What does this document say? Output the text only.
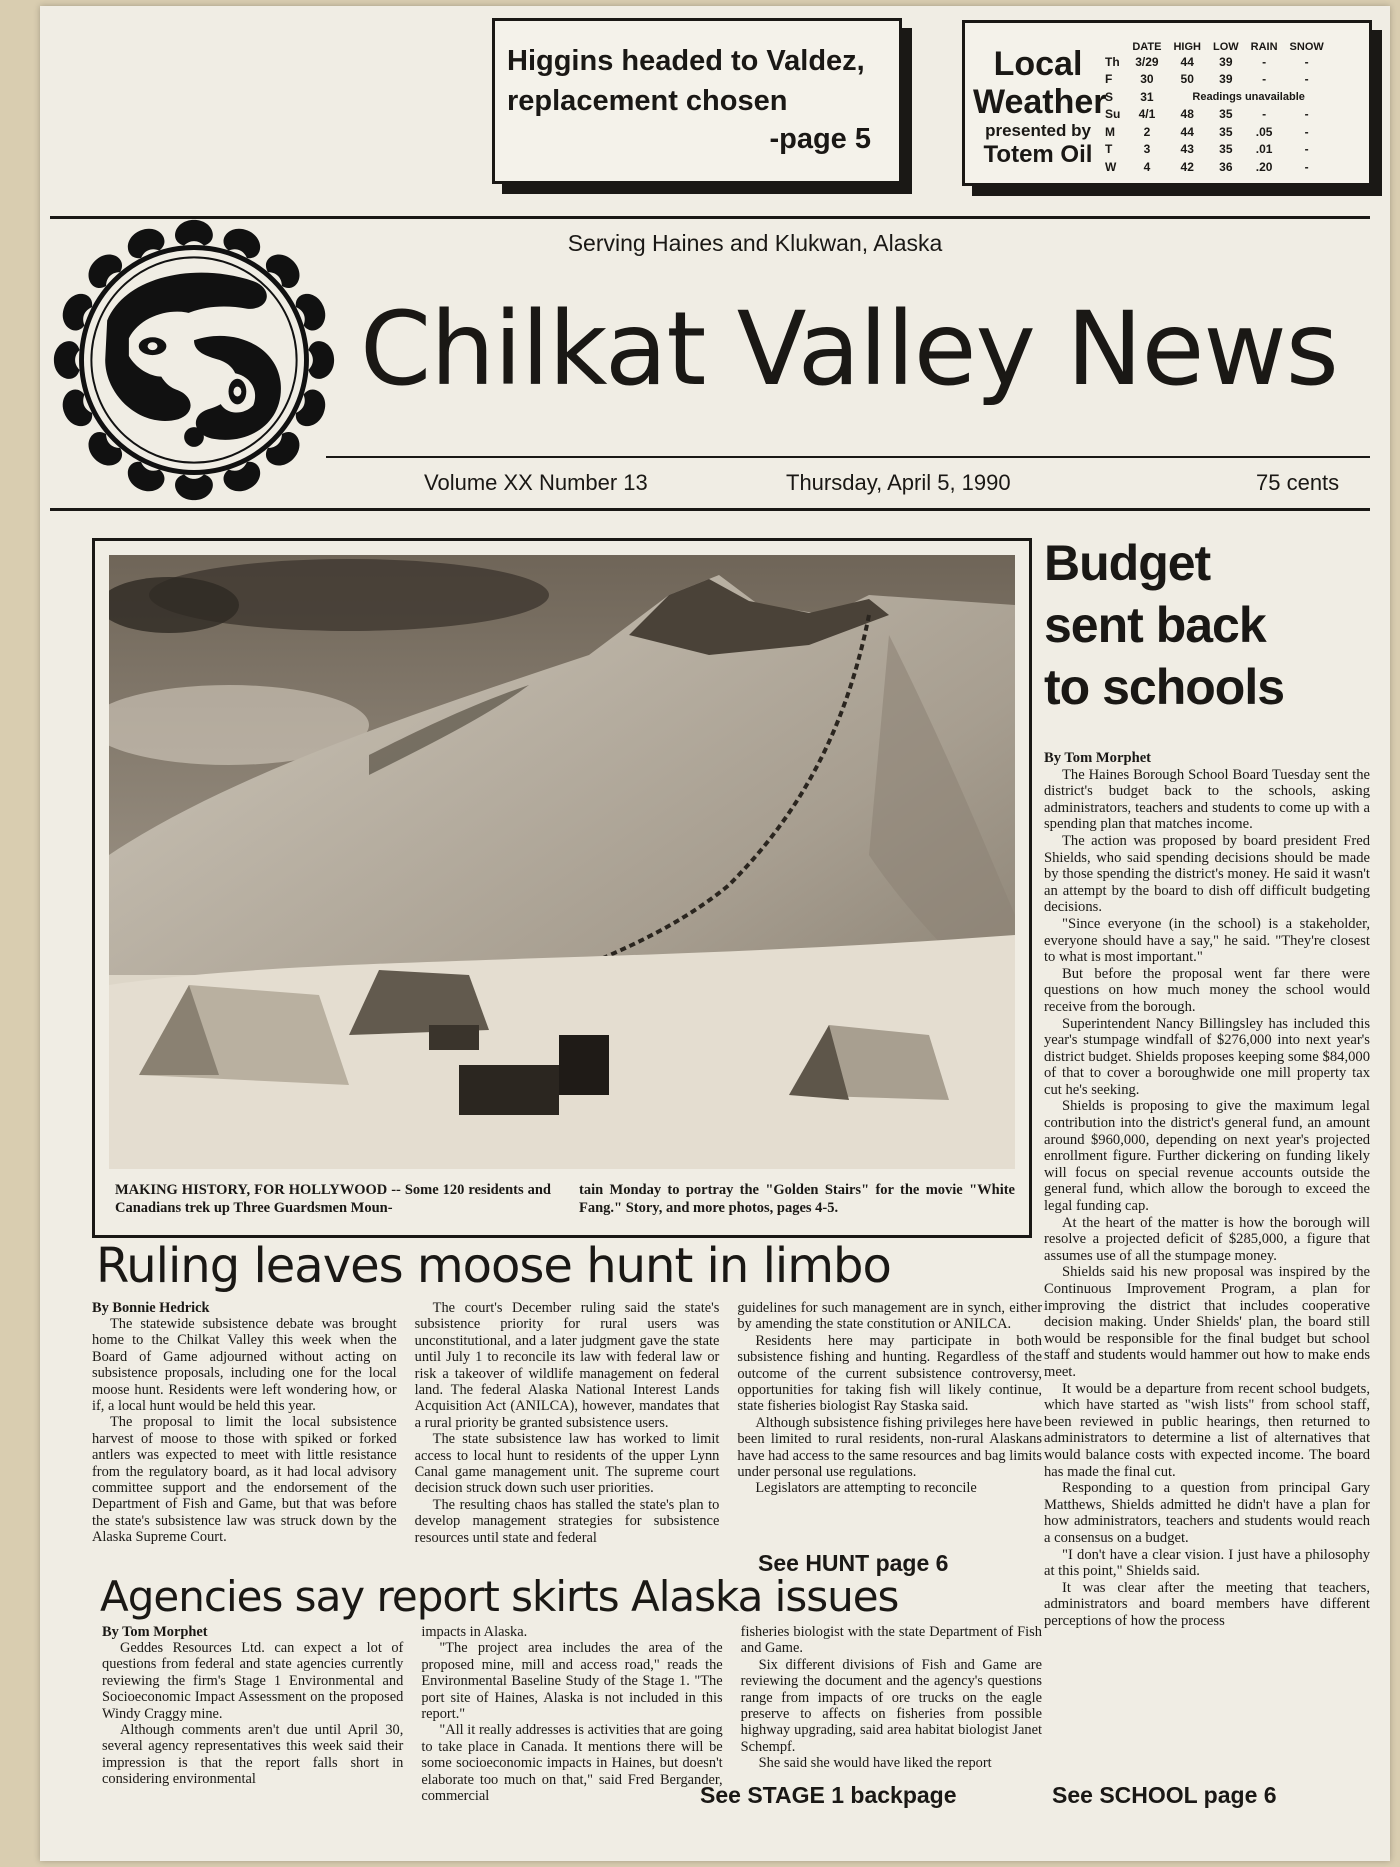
Higgins headed to Valdez,
replacement chosen
-page 5
Local
Weather
presented by
Totem Oil
	DATE	HIGH	LOW	RAIN	SNOW
Th	3/29	44	39	-	-
F	30	50	39	-	-
S	31	Readings unavailable			
Su	4/1	48	35	-	-
M	2	44	35	.05	-
T	3	43	35	.01	-
W	4	42	36	.20	-
Serving Haines and Klukwan, Alaska
Chilkat Valley News
Volume XX Number 13	Thursday, April 5, 1990	75 cents
MAKING HISTORY, FOR HOLLYWOOD -- Some 120 residents and Canadians trek up Three Guardsmen Moun-
tain Monday to portray the "Golden Stairs" for the movie "White Fang." Story, and more photos, pages 4-5.
Budget
sent back
to schools
By Tom Morphet

The Haines Borough School Board Tuesday sent the district's budget back to the schools, asking administrators, teachers and students to come up with a spending plan that matches income.

The action was proposed by board president Fred Shields, who said spending decisions should be made by those spending the district's money. He said it wasn't an attempt by the board to dish off difficult budgeting decisions.

"Since everyone (in the school) is a stakeholder, everyone should have a say," he said. "They're closest to what is most important."

But before the proposal went far there were questions on how much money the school would receive from the borough.

Superintendent Nancy Billingsley has included this year's stumpage windfall of $276,000 into next year's district budget. Shields proposes keeping some $84,000 of that to cover a boroughwide one mill property tax cut he's seeking.

Shields is proposing to give the maximum legal contribution into the district's general fund, an amount around $960,000, depending on next year's projected enrollment figure. Further dickering on funding likely will focus on special revenue accounts outside the general fund, which allow the borough to exceed the legal funding cap.

At the heart of the matter is how the borough will resolve a projected deficit of $285,000, a figure that assumes use of all the stumpage money.

Shields said his new proposal was inspired by the Continuous Improvement Program, a plan for improving the district that includes cooperative decision making. Under Shields' plan, the board still would be responsible for the final budget but school staff and students would hammer out how to make ends meet.

It would be a departure from recent school budgets, which have started as "wish lists" from school staff, been reviewed in public hearings, then returned to administrators to determine a list of alternatives that would balance costs with expected income. The board has made the final cut.

Responding to a question from principal Gary Matthews, Shields admitted he didn't have a plan for how administrators, teachers and students would reach a consensus on a budget.

"I don't have a clear vision. I just have a philosophy at this point," Shields said.

It was clear after the meeting that teachers, administrators and board members have different perceptions of how the process

See SCHOOL page 6
Ruling leaves moose hunt in limbo
By Bonnie Hedrick

The statewide subsistence debate was brought home to the Chilkat Valley this week when the Board of Game adjourned without acting on subsistence proposals, including one for the local moose hunt. Residents were left wondering how, or if, a local hunt would be held this year.

The proposal to limit the local subsistence harvest of moose to those with spiked or forked antlers was expected to meet with little resistance from the regulatory board, as it had local advisory committee support and the endorsement of the Department of Fish and Game, but that was before the state's subsistence law was struck down by the Alaska Supreme Court.

The court's December ruling said the state's subsistence priority for rural users was unconstitutional, and a later judgment gave the state until July 1 to reconcile its law with federal law or risk a takeover of wildlife management on federal land. The federal Alaska National Interest Lands Acquisition Act (ANILCA), however, mandates that a rural priority be granted subsistence users.

The state subsistence law has worked to limit access to local hunt to residents of the upper Lynn Canal game management unit. The supreme court decision struck down such user priorities.

The resulting chaos has stalled the state's plan to develop management strategies for subsistence resources until state and federal

guidelines for such management are in synch, either by amending the state constitution or ANILCA.

Residents here may participate in both subsistence fishing and hunting. Regardless of the outcome of the current subsistence controversy, opportunities for taking fish will likely continue, state fisheries biologist Ray Staska said.

Although subsistence fishing privileges here have been limited to rural residents, non-rural Alaskans have had access to the same resources and bag limits under personal use regulations.

Legislators are attempting to reconcile

See HUNT page 6
Agencies say report skirts Alaska issues
By Tom Morphet

Geddes Resources Ltd. can expect a lot of questions from federal and state agencies currently reviewing the firm's Stage 1 Environmental and Socioeconomic Impact Assessment on the proposed Windy Craggy mine.

Although comments aren't due until April 30, several agency representatives this week said their impression is that the report falls short in considering environmental

impacts in Alaska.

"The project area includes the area of the proposed mine, mill and access road," reads the Environmental Baseline Study of the Stage 1. "The port site of Haines, Alaska is not included in this report."

"All it really addresses is activities that are going to take place in Canada. It mentions there will be some socioeconomic impacts in Haines, but doesn't elaborate too much on that," said Fred Bergander, commercial

fisheries biologist with the state Department of Fish and Game.

Six different divisions of Fish and Game are reviewing the document and the agency's questions range from impacts of ore trucks on the eagle preserve to affects on fisheries from possible highway upgrading, said area habitat biologist Janet Schempf.

She said she would have liked the report

See STAGE 1 backpage
